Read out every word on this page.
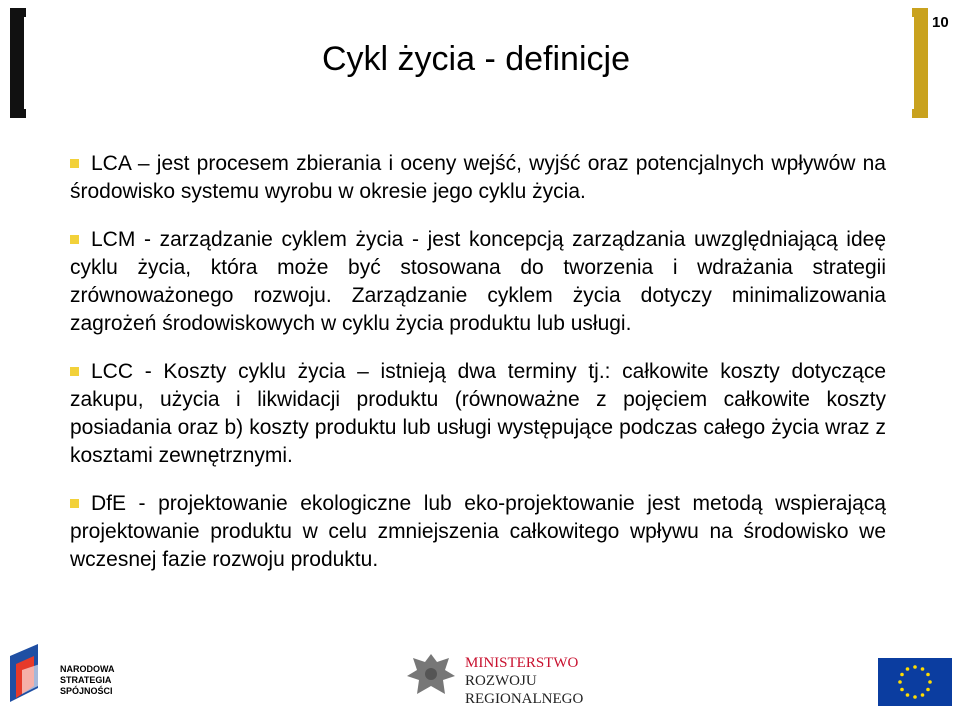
10
Cykl życia - definicje

LCA – jest procesem zbierania i oceny wejść, wyjść oraz potencjalnych wpływów na środowisko systemu wyrobu w okresie jego cyklu życia.

LCM - zarządzanie cyklem życia - jest koncepcją zarządzania uwzględniającą ideę cyklu życia, która może być stosowana do tworzenia i wdrażania strategii zrównoważonego rozwoju. Zarządzanie cyklem życia dotyczy minimalizowania zagrożeń środowiskowych w cyklu życia produktu lub usługi.

LCC - Koszty cyklu życia – istnieją dwa terminy tj.: całkowite koszty dotyczące zakupu, użycia i likwidacji produktu (równoważne z pojęciem całkowite koszty posiadania oraz b) koszty produktu lub usługi występujące podczas całego życia wraz z kosztami zewnętrznymi.

DfE - projektowanie ekologiczne lub eko-projektowanie jest metodą wspierającą projektowanie produktu w celu zmniejszenia całkowitego wpływu na środowisko we wczesnej fazie rozwoju produktu.

NARODOWA
STRATEGIA SPÓJNOŚCI
MINISTERSTWO
ROZWOJU
REGIONALNEGO
